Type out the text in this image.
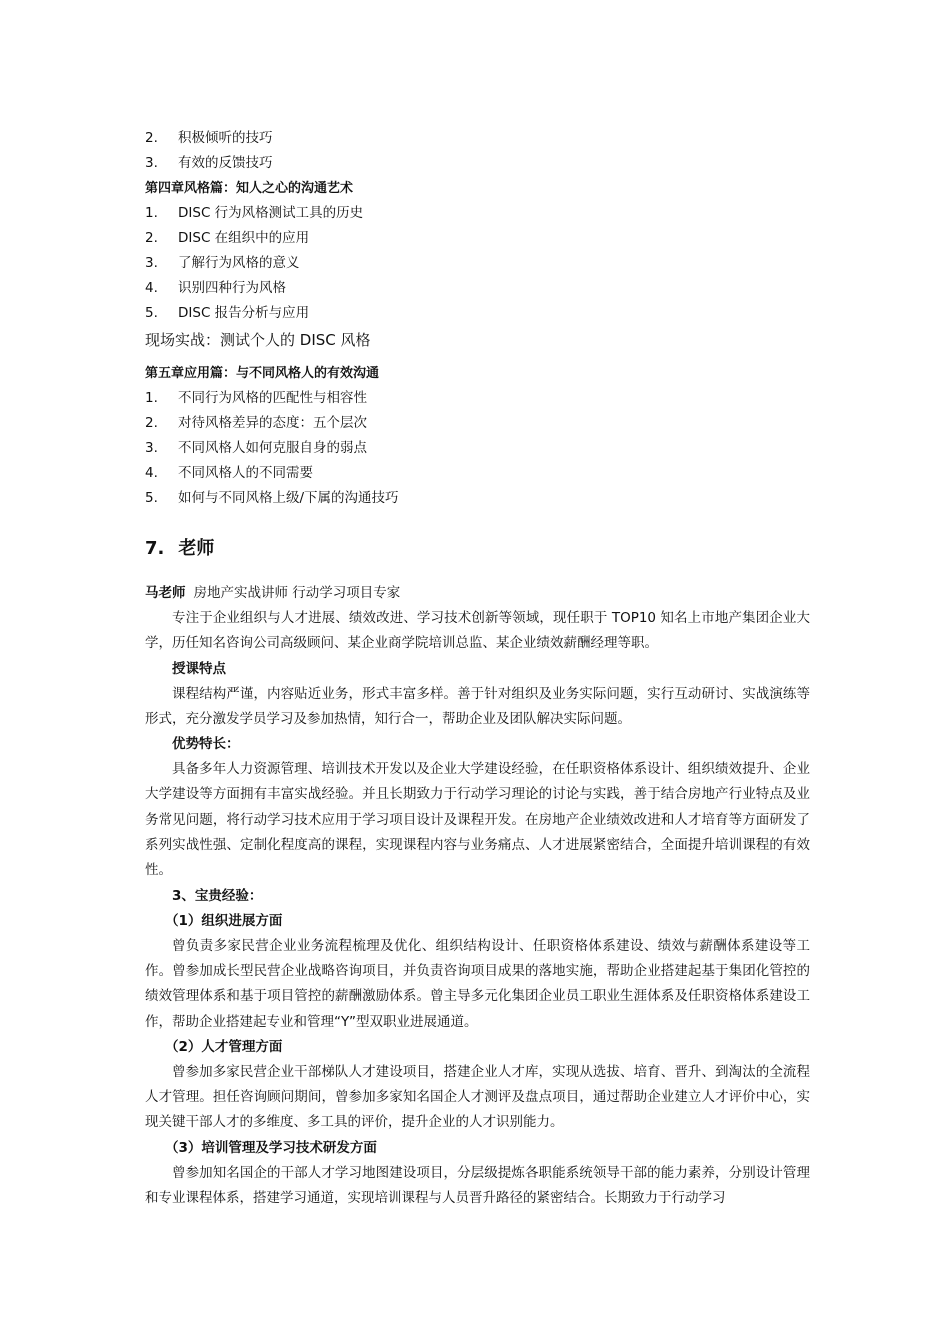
2.	积极倾听的技巧
3.	有效的反馈技巧
第四章风格篇：知人之心的沟通艺术
1.	DISC 行为风格测试工具的历史
2.	DISC 在组织中的应用
3.	了解行为风格的意义
4.	识别四种行为风格
5.	DISC 报告分析与应用
现场实战：测试个人的 DISC 风格
第五章应用篇：与不同风格人的有效沟通
1.	不同行为风格的匹配性与相容性
2.	对待风格差异的态度：五个层次
3.	不同风格人如何克服自身的弱点
4.	不同风格人的不同需要
5.	如何与不同风格上级/下属的沟通技巧
7. 老师
马老师 房地产实战讲师 行动学习项目专家

专注于企业组织与人才进展、绩效改进、学习技术创新等领域，现任职于 TOP10 知名上市地产集团企业大学，历任知名咨询公司高级顾问、某企业商学院培训总监、某企业绩效薪酬经理等职。

授课特点

课程结构严谨，内容贴近业务，形式丰富多样。善于针对组织及业务实际问题，实行互动研讨、实战演练等形式，充分激发学员学习及参加热情，知行合一，帮助企业及团队解决实际问题。

优势特长：

具备多年人力资源管理、培训技术开发以及企业大学建设经验，在任职资格体系设计、组织绩效提升、企业大学建设等方面拥有丰富实战经验。并且长期致力于行动学习理论的讨论与实践，善于结合房地产行业特点及业务常见问题，将行动学习技术应用于学习项目设计及课程开发。在房地产企业绩效改进和人才培育等方面研发了系列实战性强、定制化程度高的课程，实现课程内容与业务痛点、人才进展紧密结合，全面提升培训课程的有效性。

3、宝贵经验：
（1）组织进展方面

曾负责多家民营企业业务流程梳理及优化、组织结构设计、任职资格体系建设、绩效与薪酬体系建设等工作。曾参加成长型民营企业战略咨询项目，并负责咨询项目成果的落地实施，帮助企业搭建起基于集团化管控的绩效管理体系和基于项目管控的薪酬激励体系。曾主导多元化集团企业员工职业生涯体系及任职资格体系建设工作，帮助企业搭建起专业和管理“Y”型双职业进展通道。

（2）人才管理方面

曾参加多家民营企业干部梯队人才建设项目，搭建企业人才库，实现从选拔、培育、晋升、到淘汰的全流程人才管理。担任咨询顾问期间，曾参加多家知名国企人才测评及盘点项目，通过帮助企业建立人才评价中心，实现关键干部人才的多维度、多工具的评价，提升企业的人才识别能力。

（3）培训管理及学习技术研发方面

曾参加知名国企的干部人才学习地图建设项目，分层级提炼各职能系统领导干部的能力素养，分别设计管理和专业课程体系，搭建学习通道，实现培训课程与人员晋升路径的紧密结合。长期致力于行动学习
